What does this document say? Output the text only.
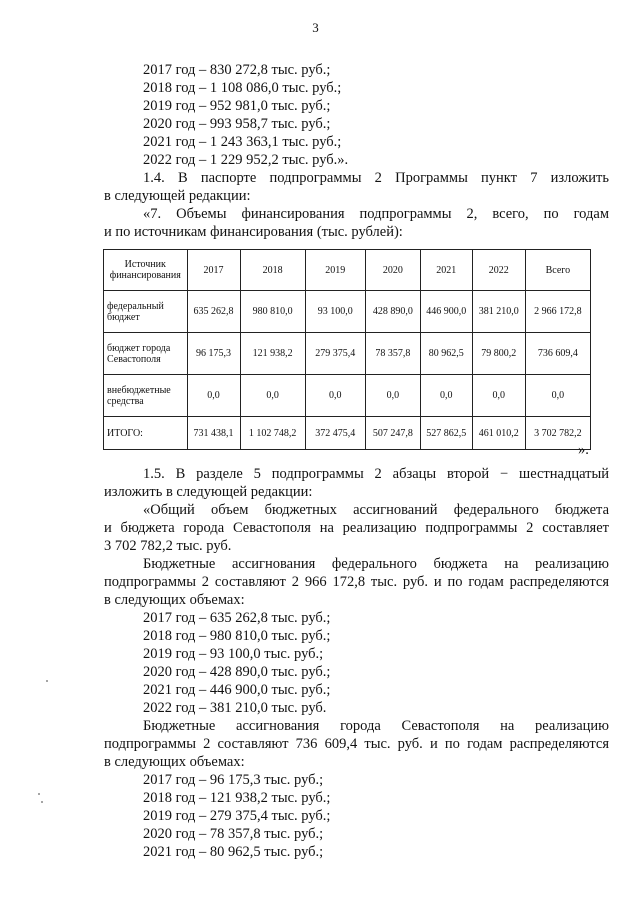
3
2017 год – 830 272,8 тыс. руб.;
2018 год – 1 108 086,0 тыс. руб.;
2019 год – 952 981,0 тыс. руб.;
2020 год – 993 958,7 тыс. руб.;
2021 год – 1 243 363,1 тыс. руб.;
2022 год – 1 229 952,2 тыс. руб.».
1.4. В паспорте подпрограммы 2 Программы пункт 7 изложить
в следующей редакции:
«7. Объемы финансирования подпрограммы 2, всего, по годам
и по источникам финансирования (тыс. рублей):
Источник финансирования	2017	2018	2019	2020	2021	2022	Всего
федеральный бюджет	635 262,8	980 810,0	93 100,0	428 890,0	446 900,0	381 210,0	2 966 172,8
бюджет города Севастополя	96 175,3	121 938,2	279 375,4	78 357,8	80 962,5	79 800,2	736 609,4
внебюджетные средства	0,0	0,0	0,0	0,0	0,0	0,0	0,0
ИТОГО:	731 438,1	1 102 748,2	372 475,4	507 247,8	527 862,5	461 010,2	3 702 782,2
».
1.5. В разделе 5 подпрограммы 2 абзацы второй − шестнадцатый
изложить в следующей редакции:
«Общий объем бюджетных ассигнований федерального бюджета
и бюджета города Севастополя на реализацию подпрограммы 2 составляет
3 702 782,2 тыс. руб.
Бюджетные ассигнования федерального бюджета на реализацию
подпрограммы 2 составляют 2 966 172,8 тыс. руб. и по годам распределяются
в следующих объемах:
2017 год – 635 262,8 тыс. руб.;
2018 год – 980 810,0 тыс. руб.;
2019 год – 93 100,0 тыс. руб.;
2020 год – 428 890,0 тыс. руб.;
2021 год – 446 900,0 тыс. руб.;
2022 год – 381 210,0 тыс. руб.
Бюджетные ассигнования города Севастополя на реализацию
подпрограммы 2 составляют 736 609,4 тыс. руб. и по годам распределяются
в следующих объемах:
2017 год – 96 175,3 тыс. руб.;
2018 год – 121 938,2 тыс. руб.;
2019 год – 279 375,4 тыс. руб.;
2020 год – 78 357,8 тыс. руб.;
2021 год – 80 962,5 тыс. руб.;
